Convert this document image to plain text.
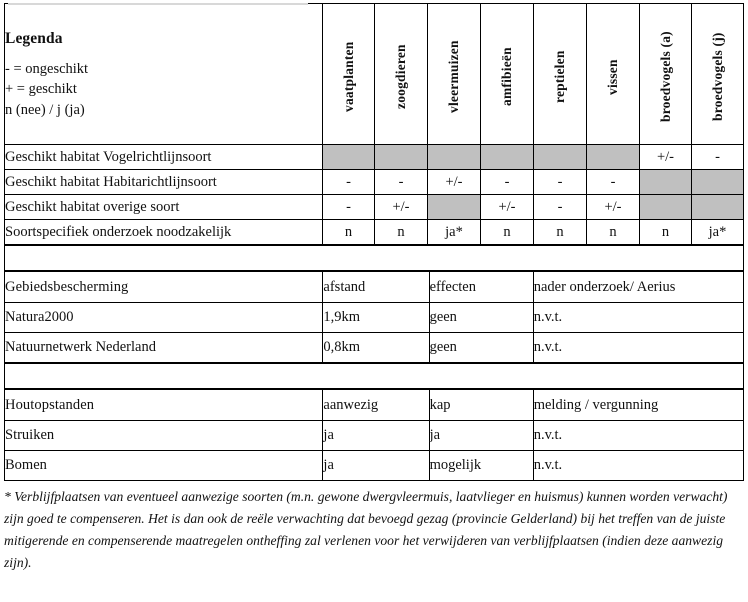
Legenda
- = ongeschikt
+ = geschikt
n (nee) / j (ja)	vaatplanten	zoogdieren	vleermuizen	amfibieën	reptielen	vissen	broedvogels (a)	broedvogels (j)

Geschikt habitat Vogelrichtlijnsoort							+/-	-
Geschikt habitat Habitarichtlijnsoort	-	-	+/-	-	-	-		
Geschikt habitat overige soort	-	+/-		+/-	-	+/-		
Soortspecifiek onderzoek noodzakelijk	n	n	ja*	n	n	n	n	ja*
Gebiedsbescherming	afstand	effecten	nader onderzoek/ Aerius
Natura2000	1,9km	geen	n.v.t.
Natuurnetwerk Nederland	0,8km	geen	n.v.t.
Houtopstanden	aanwezig	kap	melding / vergunning
Struiken	ja	ja	n.v.t.
Bomen	ja	mogelijk	n.v.t.

* Verblijfplaatsen van eventueel aanwezige soorten (m.n. gewone dwergvleermuis, laatvlieger en huismus) kunnen worden verwacht) zijn goed te compenseren. Het is dan ook de reële verwachting dat bevoegd gezag (provincie Gelderland) bij het treffen van de juiste mitigerende en compenserende maatregelen ontheffing zal verlenen voor het verwijderen van verblijfplaatsen (indien deze aanwezig zijn).
